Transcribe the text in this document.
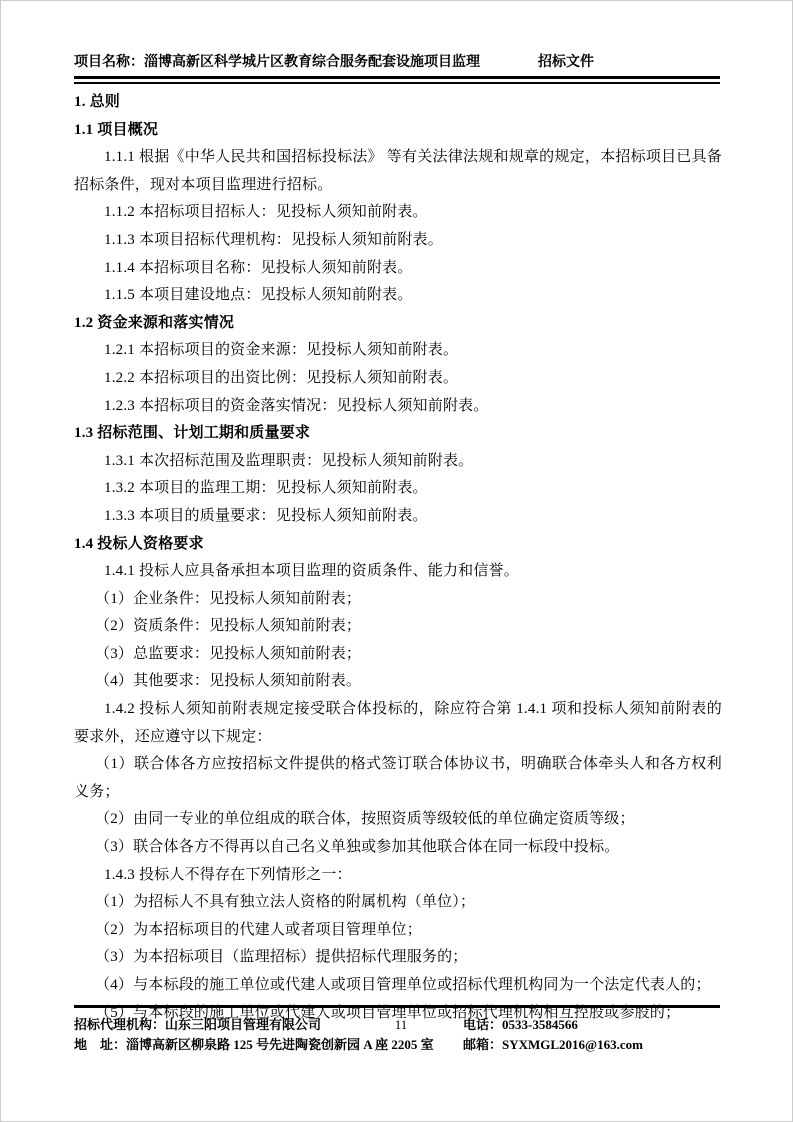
项目名称：淄博高新区科学城片区教育综合服务配套设施项目监理	招标文件

1. 总则

1.1 项目概况

1.1.1 根据《中华人民共和国招标投标法》 等有关法律法规和规章的规定，本招标项目已具备招标条件，现对本项目监理进行招标。

1.1.2 本招标项目招标人：见投标人须知前附表。

1.1.3 本项目招标代理机构：见投标人须知前附表。

1.1.4 本招标项目名称：见投标人须知前附表。

1.1.5 本项目建设地点：见投标人须知前附表。

1.2 资金来源和落实情况

1.2.1 本招标项目的资金来源：见投标人须知前附表。

1.2.2 本招标项目的出资比例：见投标人须知前附表。

1.2.3 本招标项目的资金落实情况：见投标人须知前附表。

1.3 招标范围、计划工期和质量要求

1.3.1 本次招标范围及监理职责：见投标人须知前附表。

1.3.2 本项目的监理工期：见投标人须知前附表。

1.3.3 本项目的质量要求：见投标人须知前附表。

1.4 投标人资格要求

1.4.1 投标人应具备承担本项目监理的资质条件、能力和信誉。

（1）企业条件：见投标人须知前附表；

（2）资质条件：见投标人须知前附表；

（3）总监要求：见投标人须知前附表；

（4）其他要求：见投标人须知前附表。

1.4.2 投标人须知前附表规定接受联合体投标的，除应符合第 1.4.1 项和投标人须知前附表的要求外，还应遵守以下规定：

（1）联合体各方应按招标文件提供的格式签订联合体协议书，明确联合体牵头人和各方权利义务；

（2）由同一专业的单位组成的联合体，按照资质等级较低的单位确定资质等级；

（3）联合体各方不得再以自己名义单独或参加其他联合体在同一标段中投标。

1.4.3 投标人不得存在下列情形之一：

（1）为招标人不具有独立法人资格的附属机构（单位）；

（2）为本招标项目的代建人或者项目管理单位；

（3）为本招标项目（监理招标）提供招标代理服务的；

（4）与本标段的施工单位或代建人或项目管理单位或招标代理机构同为一个法定代表人的；

（5）与本标段的施工单位或代建人或项目管理单位或招标代理机构相互控股或参股的；

招标代理机构：山东三阳项目管理有限公司
地　址：淄博高新区柳泉路 125 号先进陶瓷创新园 A 座 2205 室
11	电话：0533-3584566
邮箱：SYXMGL2016@163.com
